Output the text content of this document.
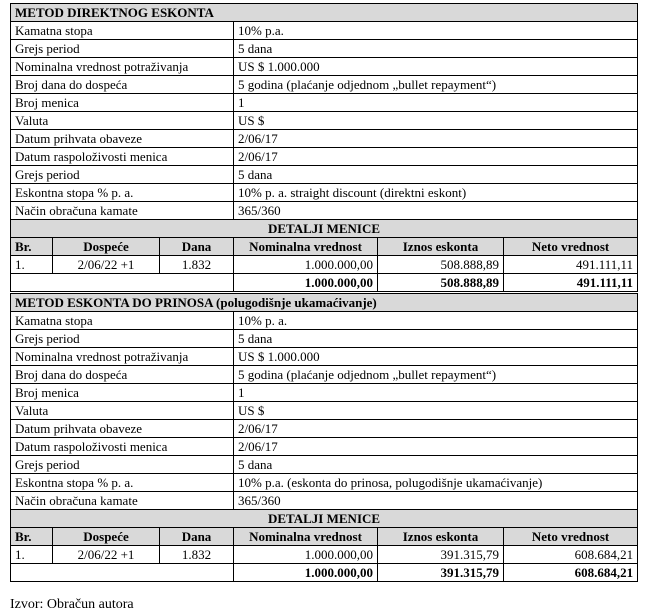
METOD DIREKTNOG ESKONTA					
Kamatna stopa			10% p.a.		
Grejs period			5 dana		
Nominalna vrednost potraživanja			US $ 1.000.000		
Broj dana do dospeća			5 godina (plaćanje odjednom „bullet repayment“)		
Broj menica			1		
Valuta			US $		
Datum prihvata obaveze			2/06/17		
Datum raspoloživosti menica			2/06/17		
Grejs period			5 dana		
Eskontna stopa % p. a.			10% p. a. straight discount (direktni eskont)		
Način obračuna kamate			365/360		
DETALJI MENICE					
Br.	Dospeće	Dana	Nominalna vrednost	Iznos eskonta	Neto vrednost
1.	2/06/22 +1	1.832	1.000.000,00	508.888,89	491.111,11
			1.000.000,00	508.888,89	491.111,11
METOD ESKONTA DO PRINOSA (polugodišnje ukamaćivanje)					
Kamatna stopa			10% p. a.		
Grejs period			5 dana		
Nominalna vrednost potraživanja			US $ 1.000.000		
Broj dana do dospeća			5 godina (plaćanje odjednom „bullet repayment“)		
Broj menica			1		
Valuta			US $		
Datum prihvata obaveze			2/06/17		
Datum raspoloživosti menica			2/06/17		
Grejs period			5 dana		
Eskontna stopa % p. a.			10% p.a. (eskonta do prinosa, polugodišnje ukamaćivanje)		
Način obračuna kamate			365/360		
DETALJI MENICE					
Br.	Dospeće	Dana	Nominalna vrednost	Iznos eskonta	Neto vrednost
1.	2/06/22 +1	1.832	1.000.000,00	391.315,79	608.684,21
			1.000.000,00	391.315,79	608.684,21
Izvor: Obračun autora
